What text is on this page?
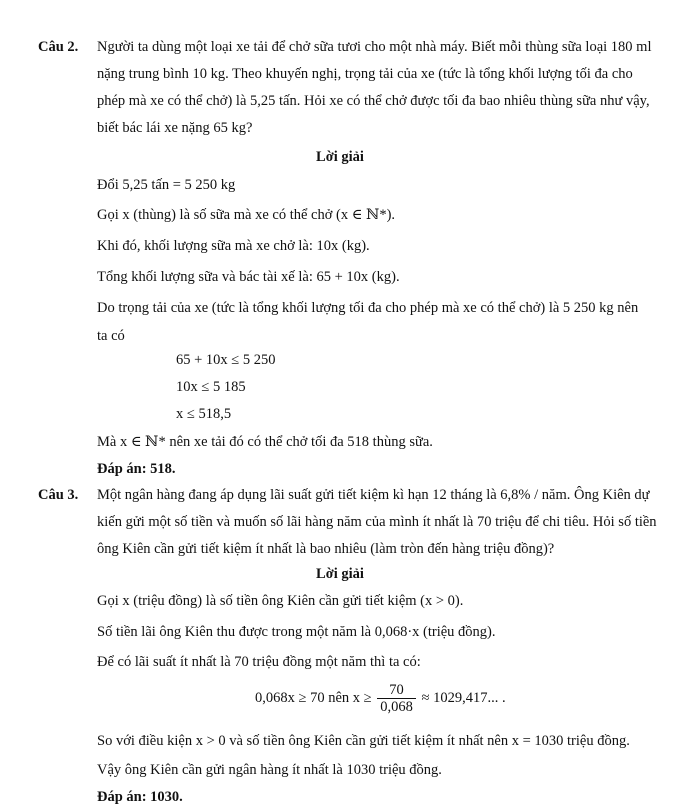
Câu 2. Người ta dùng một loại xe tải để chở sữa tươi cho một nhà máy. Biết mỗi thùng sữa loại 180 ml
nặng trung bình 10 kg. Theo khuyến nghị, trọng tải của xe (tức là tổng khối lượng tối đa cho
phép mà xe có thể chở) là 5,25 tấn. Hỏi xe có thể chở được tối đa bao nhiêu thùng sữa như vậy,
biết bác lái xe nặng 65 kg?
Lời giải
Đổi 5,25 tấn = 5 250 kg
Gọi x (thùng) là số sữa mà xe có thể chở (x ∈ ℕ*).
Khi đó, khối lượng sữa mà xe chở là: 10x (kg).
Tổng khối lượng sữa và bác tài xế là: 65 + 10x (kg).
Do trọng tải của xe (tức là tổng khối lượng tối đa cho phép mà xe có thể chở) là 5 250 kg nên
ta có
65 + 10x ≤ 5 250
10x ≤ 5 185
x ≤ 518,5
Mà x ∈ ℕ* nên xe tải đó có thể chở tối đa 518 thùng sữa.
Đáp án: 518.
Câu 3. Một ngân hàng đang áp dụng lãi suất gửi tiết kiệm kì hạn 12 tháng là 6,8% / năm. Ông Kiên dự
kiến gửi một số tiền và muốn số lãi hàng năm của mình ít nhất là 70 triệu để chi tiêu. Hỏi số tiền
ông Kiên cần gửi tiết kiệm ít nhất là bao nhiêu (làm tròn đến hàng triệu đồng)?
Lời giải
Gọi x (triệu đồng) là số tiền ông Kiên cần gửi tiết kiệm (x > 0).
Số tiền lãi ông Kiên thu được trong một năm là 0,068·x (triệu đồng).
Để có lãi suất ít nhất là 70 triệu đồng một năm thì ta có:
0,068x ≥ 70 nên $x \ge \frac{70}{0,068} \approx 1029,417$... .
So với điều kiện x > 0 và số tiền ông Kiên cần gửi tiết kiệm ít nhất nên x = 1030 triệu đồng.
Vậy ông Kiên cần gửi ngân hàng ít nhất là 1030 triệu đồng.
Đáp án: 1030.
